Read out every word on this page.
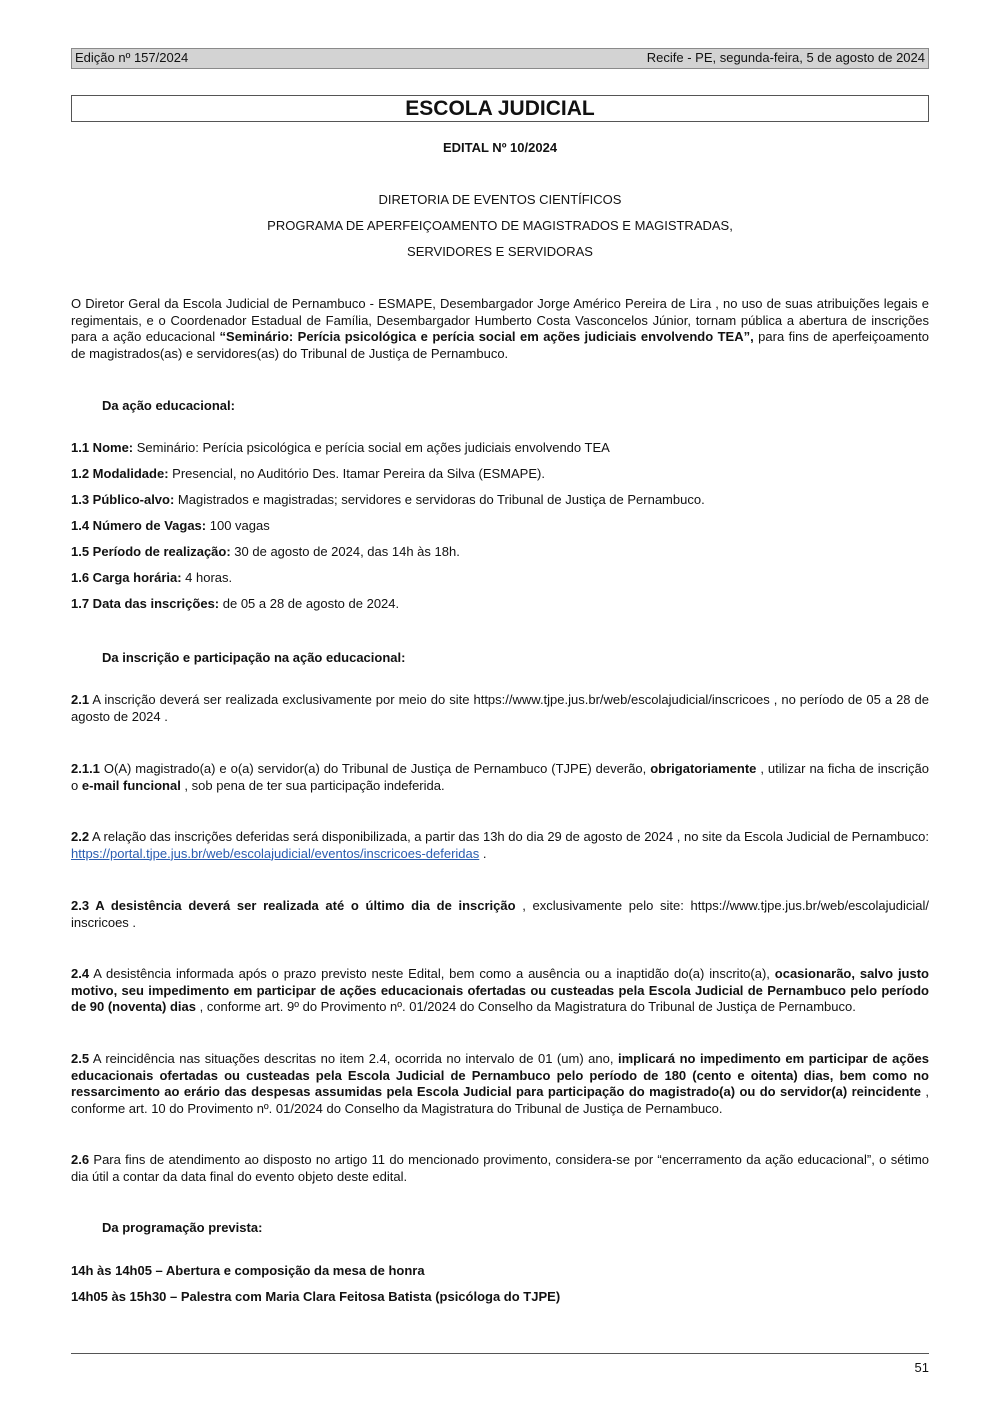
Edição nº 157/2024	Recife - PE, segunda-feira, 5 de agosto de 2024
ESCOLA JUDICIAL
EDITAL Nº 10/2024
DIRETORIA DE EVENTOS CIENTÍFICOS
PROGRAMA DE APERFEIÇOAMENTO DE MAGISTRADOS E MAGISTRADAS,
SERVIDORES E SERVIDORAS
O Diretor Geral da Escola Judicial de Pernambuco - ESMAPE, Desembargador Jorge Américo Pereira de Lira , no uso de suas atribuições legais e regimentais, e o Coordenador Estadual de Família, Desembargador Humberto Costa Vasconcelos Júnior, tornam pública a abertura de inscrições para a ação educacional “Seminário: Perícia psicológica e perícia social em ações judiciais envolvendo TEA”, para fins de aperfeiçoamento de magistrados(as) e servidores(as) do Tribunal de Justiça de Pernambuco.
Da ação educacional:
1.1 Nome: Seminário: Perícia psicológica e perícia social em ações judiciais envolvendo TEA
1.2 Modalidade: Presencial, no Auditório Des. Itamar Pereira da Silva (ESMAPE).
1.3 Público-alvo: Magistrados e magistradas; servidores e servidoras do Tribunal de Justiça de Pernambuco.
1.4 Número de Vagas: 100 vagas
1.5 Período de realização: 30 de agosto de 2024, das 14h às 18h.
1.6 Carga horária: 4 horas.
1.7 Data das inscrições: de 05 a 28 de agosto de 2024.
Da inscrição e participação na ação educacional:
2.1 A inscrição deverá ser realizada exclusivamente por meio do site https://www.tjpe.jus.br/web/escolajudicial/inscricoes , no período de 05 a 28 de agosto de 2024 .
2.1.1 O(A) magistrado(a) e o(a) servidor(a) do Tribunal de Justiça de Pernambuco (TJPE) deverão, obrigatoriamente , utilizar na ficha de inscrição o e-mail funcional , sob pena de ter sua participação indeferida.
2.2 A relação das inscrições deferidas será disponibilizada, a partir das 13h do dia 29 de agosto de 2024 , no site da Escola Judicial de Pernambuco: https://portal.tjpe.jus.br/web/escolajudicial/eventos/inscricoes-deferidas .
2.3 A desistência deverá ser realizada até o último dia de inscrição , exclusivamente pelo site: https://www.tjpe.jus.br/web/escolajudicial/ inscricoes .
2.4 A desistência informada após o prazo previsto neste Edital, bem como a ausência ou a inaptidão do(a) inscrito(a), ocasionarão, salvo justo motivo, seu impedimento em participar de ações educacionais ofertadas ou custeadas pela Escola Judicial de Pernambuco pelo período de 90 (noventa) dias , conforme art. 9º do Provimento nº. 01/2024 do Conselho da Magistratura do Tribunal de Justiça de Pernambuco.
2.5 A reincidência nas situações descritas no item 2.4, ocorrida no intervalo de 01 (um) ano, implicará no impedimento em participar de ações educacionais ofertadas ou custeadas pela Escola Judicial de Pernambuco pelo período de 180 (cento e oitenta) dias, bem como no ressarcimento ao erário das despesas assumidas pela Escola Judicial para participação do magistrado(a) ou do servidor(a) reincidente , conforme art. 10 do Provimento nº. 01/2024 do Conselho da Magistratura do Tribunal de Justiça de Pernambuco.
2.6 Para fins de atendimento ao disposto no artigo 11 do mencionado provimento, considera-se por “encerramento da ação educacional”, o sétimo dia útil a contar da data final do evento objeto deste edital.
Da programação prevista:
14h às 14h05 – Abertura e composição da mesa de honra
14h05 às 15h30 – Palestra com Maria Clara Feitosa Batista (psicóloga do TJPE)
51
